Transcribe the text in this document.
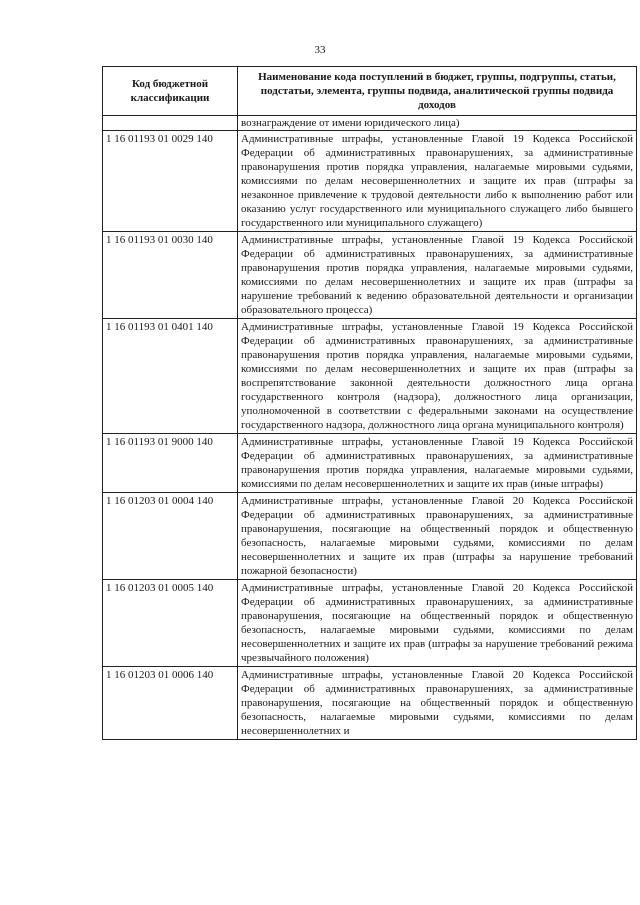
33
Код бюджетной классификации	Наименование кода поступлений в бюджет, группы, подгруппы, статьи, подстатьи, элемента, группы подвида, аналитической группы подвида доходов
	вознаграждение от имени юридического лица)
1 16 01193 01 0029 140	Административные штрафы, установленные Главой 19 Кодекса Российской Федерации об административных правонарушениях, за административные правонарушения против порядка управления, налагаемые мировыми судьями, комиссиями по делам несовершеннолетних и защите их прав (штрафы за незаконное привлечение к трудовой деятельности либо к выполнению работ или оказанию услуг государственного или муниципального служащего либо бывшего государственного или муниципального служащего)
1 16 01193 01 0030 140	Административные штрафы, установленные Главой 19 Кодекса Российской Федерации об административных правонарушениях, за административные правонарушения против порядка управления, налагаемые мировыми судьями, комиссиями по делам несовершеннолетних и защите их прав (штрафы за нарушение требований к ведению образовательной деятельности и организации образовательного процесса)
1 16 01193 01 0401 140	Административные штрафы, установленные Главой 19 Кодекса Российской Федерации об административных правонарушениях, за административные правонарушения против порядка управления, налагаемые мировыми судьями, комиссиями по делам несовершеннолетних и защите их прав (штрафы за воспрепятствование законной деятельности должностного лица органа государственного контроля (надзора), должностного лица организации, уполномоченной в соответствии с федеральными законами на осуществление государственного надзора, должностного лица органа муниципального контроля)
1 16 01193 01 9000 140	Административные штрафы, установленные Главой 19 Кодекса Российской Федерации об административных правонарушениях, за административные правонарушения против порядка управления, налагаемые мировыми судьями, комиссиями по делам несовершеннолетних и защите их прав (иные штрафы)
1 16 01203 01 0004 140	Административные штрафы, установленные Главой 20 Кодекса Российской Федерации об административных правонарушениях, за административные правонарушения, посягающие на общественный порядок и общественную безопасность, налагаемые мировыми судьями, комиссиями по делам несовершеннолетних и защите их прав (штрафы за нарушение требований пожарной безопасности)
1 16 01203 01 0005 140	Административные штрафы, установленные Главой 20 Кодекса Российской Федерации об административных правонарушениях, за административные правонарушения, посягающие на общественный порядок и общественную безопасность, налагаемые мировыми судьями, комиссиями по делам несовершеннолетних и защите их прав (штрафы за нарушение требований режима чрезвычайного положения)
1 16 01203 01 0006 140	Административные штрафы, установленные Главой 20 Кодекса Российской Федерации об административных правонарушениях, за административные правонарушения, посягающие на общественный порядок и общественную безопасность, налагаемые мировыми судьями, комиссиями по делам несовершеннолетних и
